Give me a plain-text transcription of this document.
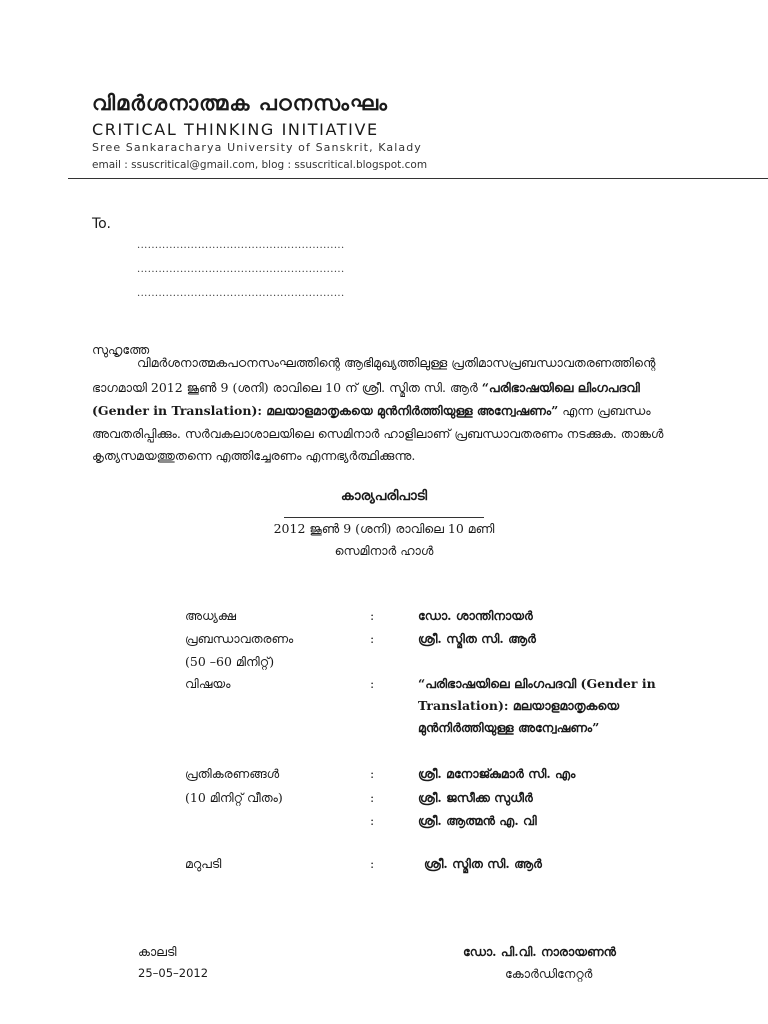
വിമർശനാത്മക പഠനസംഘം
CRITICAL THINKING INITIATIVE
Sree Sankaracharya University of Sanskrit, Kalady
email : ssuscritical@gmail.com, blog : ssuscritical.blogspot.com
To.
..........................................................
..........................................................
..........................................................
സുഹൃത്തേ
വിമർശനാത്മകപഠനസംഘത്തിന്റെ ആഭിമുഖ്യത്തിലുള്ള പ്രതിമാസപ്രബന്ധാവതരണത്തിന്റെ
ഭാഗമായി 2012 ജൂൺ 9 (ശനി) രാവിലെ 10 ന് ശ്രീ. സ്മിത സി. ആർ “പരിഭാഷയിലെ ലിംഗപദവി
(Gender in Translation): മലയാളമാതൃകയെ മുൻനിർത്തിയുള്ള അന്വേഷണം” എന്ന പ്രബന്ധം
അവതരിപ്പിക്കും. സർവകലാശാലയിലെ സെമിനാർ ഹാളിലാണ് പ്രബന്ധാവതരണം നടക്കുക. താങ്കൾ
കൃത്യസമയത്തുതന്നെ എത്തിച്ചേരണം എന്നഭ്യർത്ഥിക്കുന്നു.
കാര്യപരിപാടി
2012 ജൂൺ 9 (ശനി) രാവിലെ 10 മണി
സെമിനാർ ഹാൾ
അധ്യക്ഷ	:	ഡോ. ശാന്തിനായർ
പ്രബന്ധാവതരണം	:	ശ്രീ. സ്മിത സി. ആർ
(50 –60 മിനിറ്റ്)
വിഷയം	:	“പരിഭാഷയിലെ ലിംഗപദവി (Gender in
Translation): മലയാളമാതൃകയെ
മുൻനിർത്തിയുള്ള അന്വേഷണം”
പ്രതികരണങ്ങൾ	:	ശ്രീ. മനോജ്കുമാർ സി. എം
(10 മിനിറ്റ് വീതം)	:	ശ്രീ. ജസീക്ക സുധീർ
:	ശ്രീ. ആത്മൻ എ. വി
മറുപടി	:	ശ്രീ. സ്മിത സി. ആർ
കാലടി
25–05–2012
ഡോ. പി.വി. നാരായണൻ
കോർഡിനേറ്റർ
